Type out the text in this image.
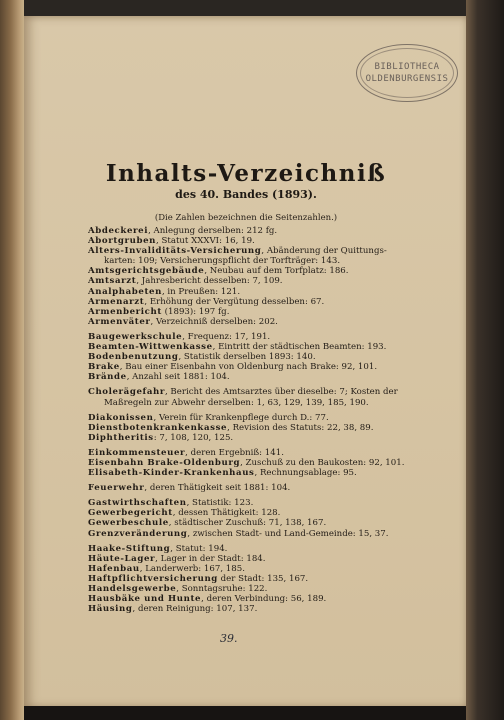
BIBLIOTHECA
OLDENBURGENSIS
Inhalts-Verzeichniß
des 40. Bandes (1893).
(Die Zahlen bezeichnen die Seitenzahlen.)
Abdeckerei, Anlegung derselben: 212 fg.
Abortgruben, Statut XXXVI: 16, 19.
Alters-Invaliditäts-Versicherung, Abänderung der Quittungs-
karten: 109; Versicherungspflicht der Torfträger: 143.
Amtsgerichtsgebäude, Neubau auf dem Torfplatz: 186.
Amtsarzt, Jahresbericht desselben: 7, 109.
Analphabeten, in Preußen: 121.
Armenarzt, Erhöhung der Vergütung desselben: 67.
Armenbericht (1893): 197 fg.
Armenväter, Verzeichniß derselben: 202.
Baugewerkschule, Frequenz: 17, 191.
Beamten-Wittwenkasse, Eintritt der städtischen Beamten: 193.
Bodenbenutzung, Statistik derselben 1893: 140.
Brake, Bau einer Eisenbahn von Oldenburg nach Brake: 92, 101.
Brände, Anzahl seit 1881: 104.
Cholerägefahr, Bericht des Amtsarztes über dieselbe: 7; Kosten der
Maßregeln zur Abwehr derselben: 1, 63, 129, 139, 185, 190.
Diakonissen, Verein für Krankenpflege durch D.: 77.
Dienstbotenkrankenkasse, Revision des Statuts: 22, 38, 89.
Diphtheritis: 7, 108, 120, 125.
Einkommensteuer, deren Ergebniß: 141.
Eisenbahn Brake-Oldenburg, Zuschuß zu den Baukosten: 92, 101.
Elisabeth-Kinder-Krankenhaus, Rechnungsablage: 95.
Feuerwehr, deren Thätigkeit seit 1881: 104.
Gastwirthschaften, Statistik: 123.
Gewerbegericht, dessen Thätigkeit: 128.
Gewerbeschule, städtischer Zuschuß: 71, 138, 167.
Grenzveränderung, zwischen Stadt- und Land-Gemeinde: 15, 37.
Haake-Stiftung, Statut: 194.
Häute-Lager, Lager in der Stadt: 184.
Hafenbau, Landerwerb: 167, 185.
Haftpflichtversicherung der Stadt: 135, 167.
Handelsgewerbe, Sonntagsruhe: 122.
Hausbäke und Hunte, deren Verbindung: 56, 189.
Häusing, deren Reinigung: 107, 137.
39.
